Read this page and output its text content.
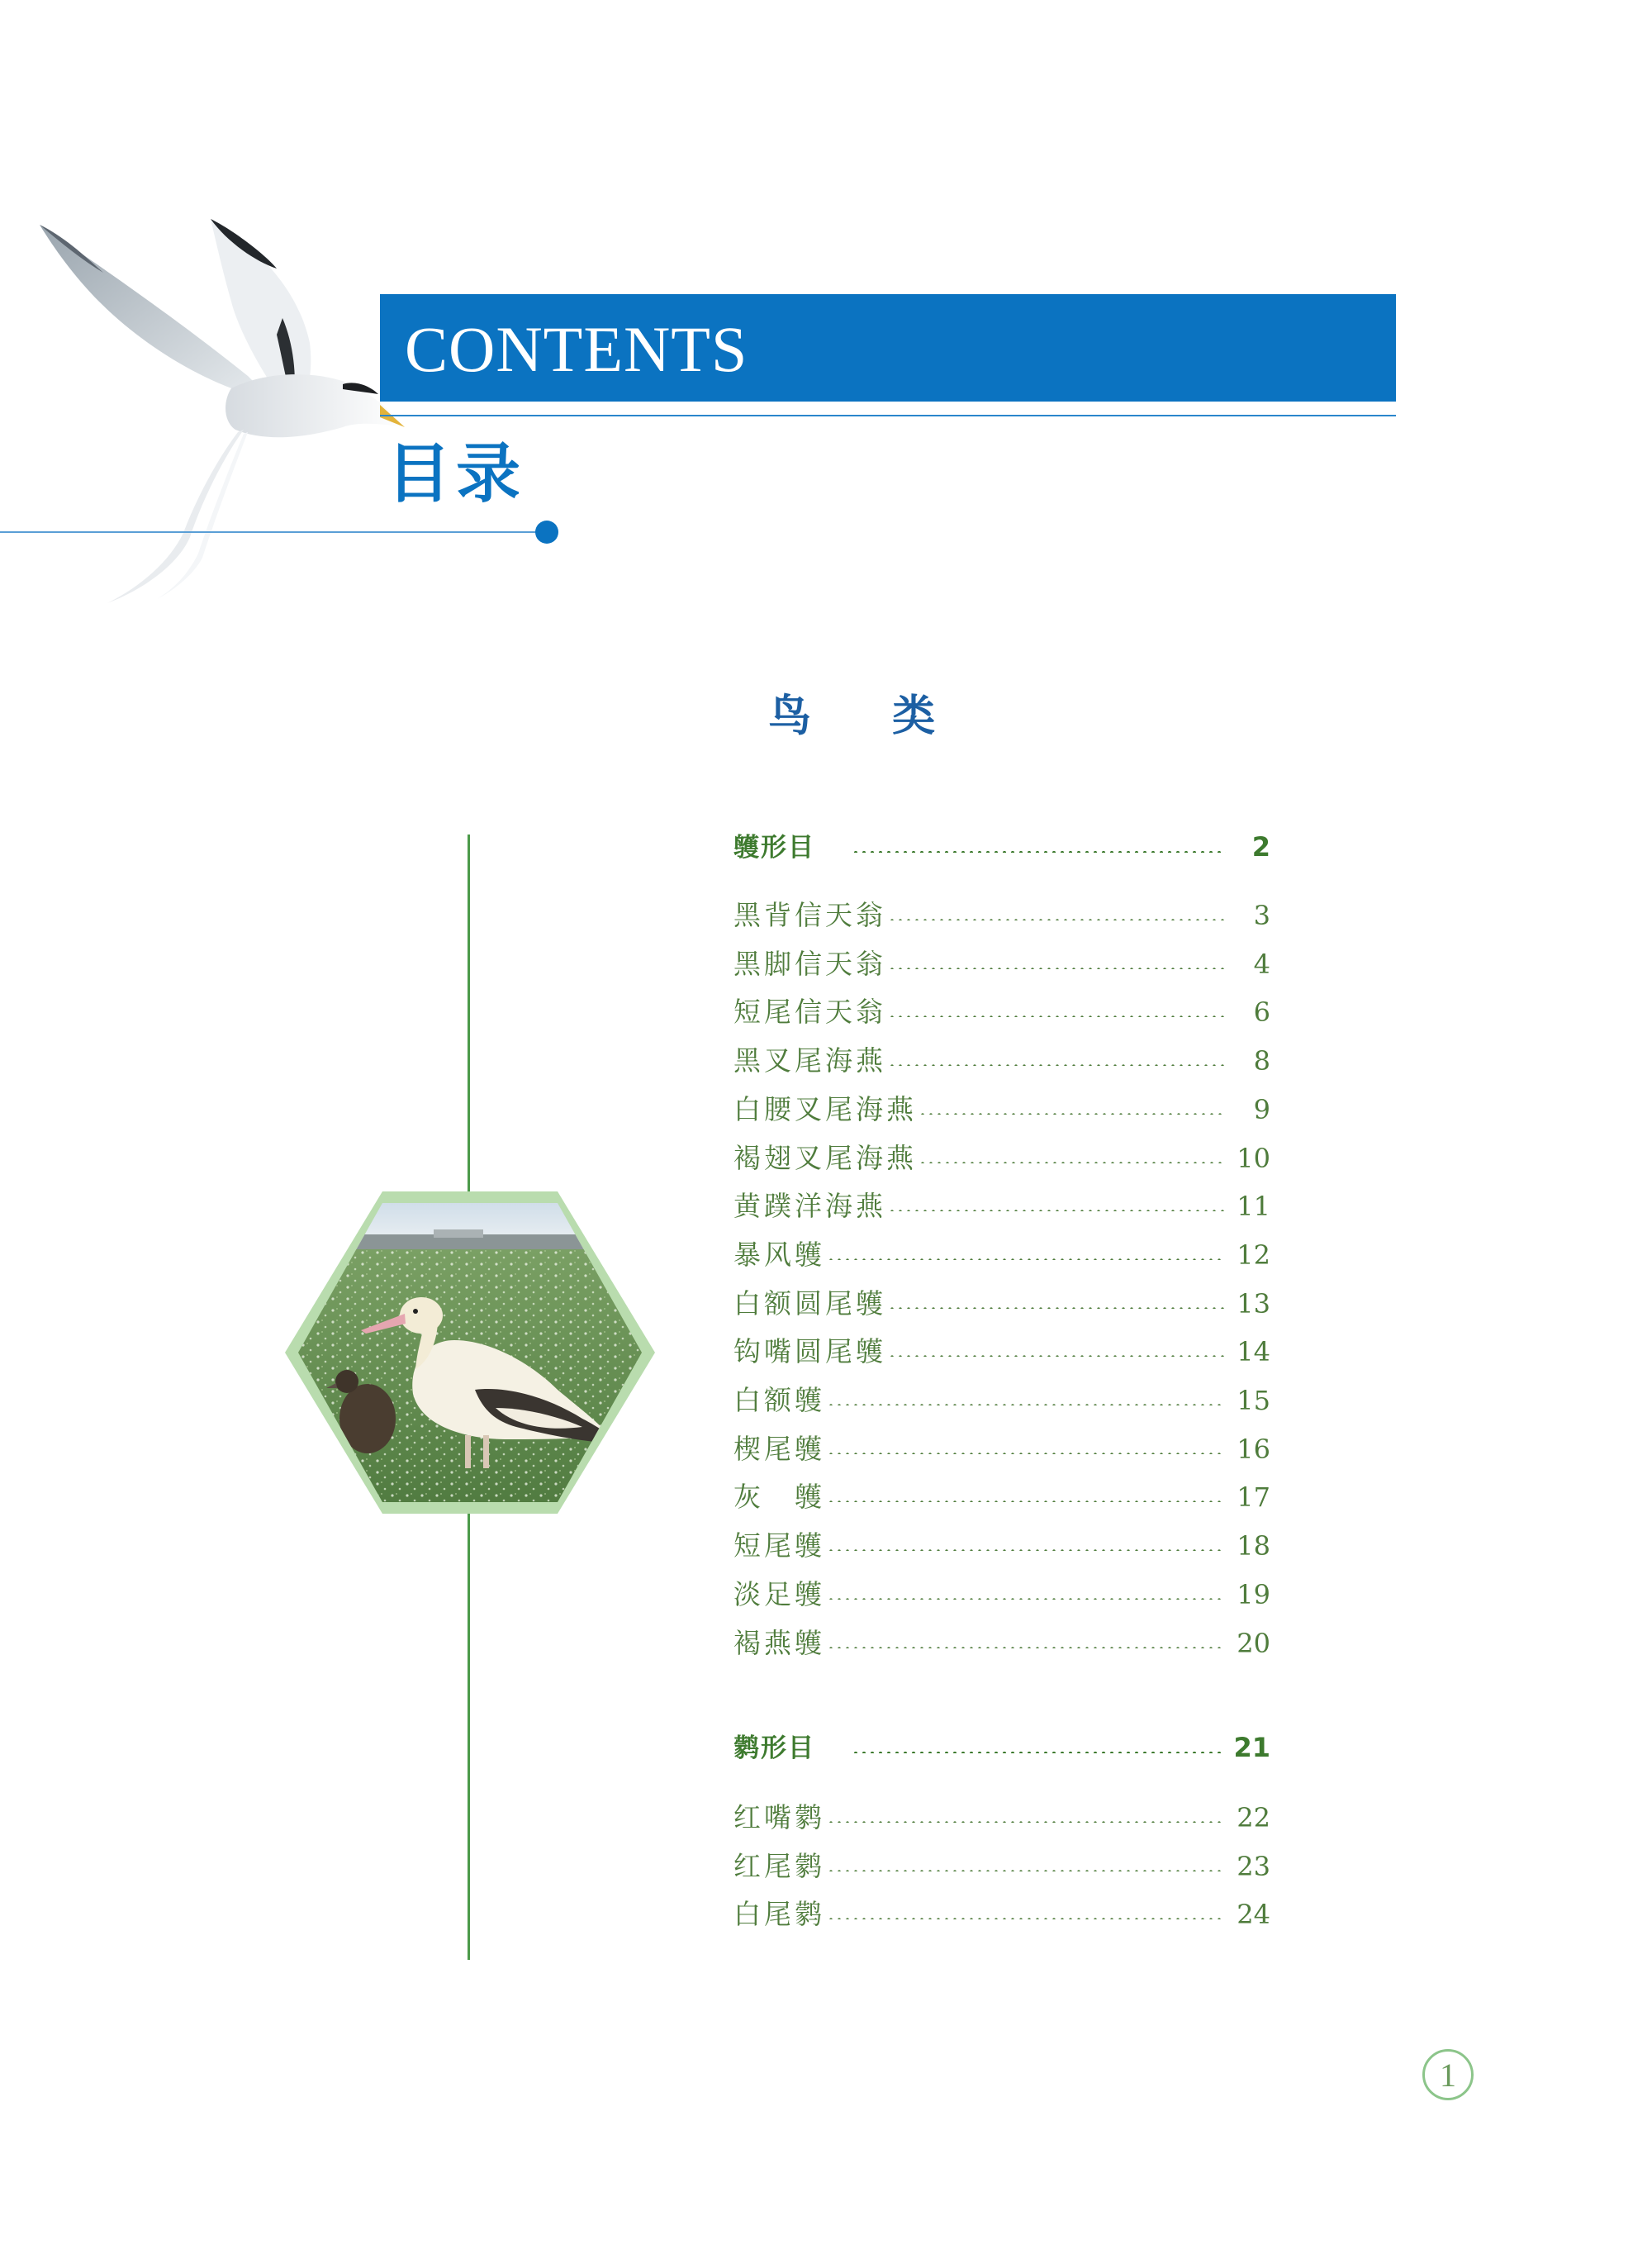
CONTENTS
目录
鸟 类
鹱形目	2
黑背信天翁	3
黑脚信天翁	4
短尾信天翁	6
黑叉尾海燕	8
白腰叉尾海燕	9
褐翅叉尾海燕	10
黄蹼洋海燕	11
暴风鹱	12
白额圆尾鹱	13
钩嘴圆尾鹱	14
白额鹱	15
楔尾鹱	16
灰　鹱	17
短尾鹱	18
淡足鹱	19
褐燕鹱	20
鹲形目	21
红嘴鹲	22
红尾鹲	23
白尾鹲	24
1
